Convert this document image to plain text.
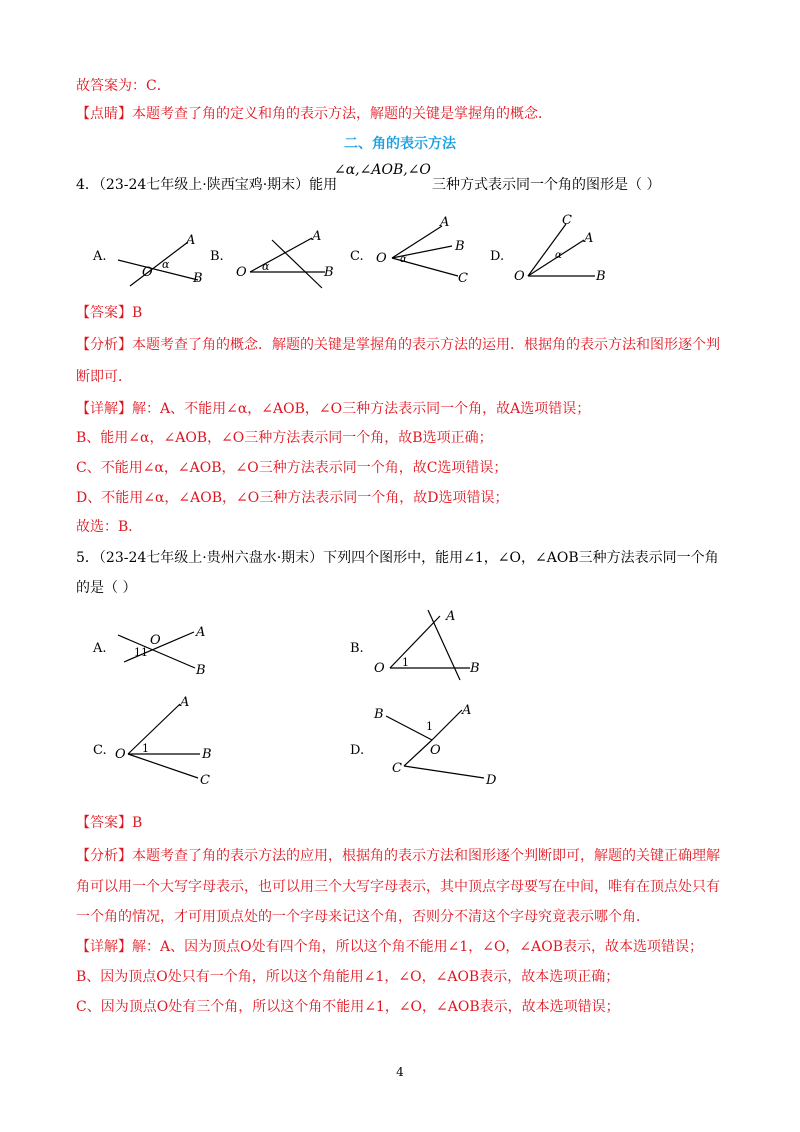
故答案为：C．
【点睛】本题考查了角的定义和角的表示方法，解题的关键是掌握角的概念．
二、角的表示方法
4．（23-24七年级上·陕西宝鸡·期末）能用
∠α,∠AOB,∠O
三种方式表示同一个角的图形是（ ）
A.
O
A
B
α
B.
O
A
B
α
C. O
A
B
C
α	D.
O
A
B
C
α
【答案】B
【分析】本题考查了角的概念．解题的关键是掌握角的表示方法的运用．根据角的表示方法和图形逐个判
断即可．
【详解】解：A、不能用∠α，∠AOB，∠O三种方法表示同一个角，故A选项错误；
B、能用∠α，∠AOB，∠O三种方法表示同一个角，故B选项正确；
C、不能用∠α，∠AOB，∠O三种方法表示同一个角，故C选项错误；
D、不能用∠α，∠AOB，∠O三种方法表示同一个角，故D选项错误；
故选：B．
5．（23-24七年级上·贵州六盘水·期末）下列四个图形中，能用∠1，∠O，∠AOB三种方法表示同一个角
的是（ ）
A.
O
A
B
11	B.
O
A
B
1
C. O
A
B
C
1	D.	O
A
B
C
D
1
【答案】B
【分析】本题考查了角的表示方法的应用，根据角的表示方法和图形逐个判断即可，解题的关键正确理解
角可以用一个大写字母表示，也可以用三个大写字母表示，其中顶点字母要写在中间，唯有在顶点处只有
一个角的情况，才可用顶点处的一个字母来记这个角，否则分不清这个字母究竟表示哪个角．
【详解】解：A、因为顶点O处有四个角，所以这个角不能用∠1，∠O，∠AOB表示，故本选项错误；
B、因为顶点O处只有一个角，所以这个角能用∠1，∠O，∠AOB表示，故本选项正确；
C、因为顶点O处有三个角，所以这个角不能用∠1，∠O，∠AOB表示，故本选项错误；
4
